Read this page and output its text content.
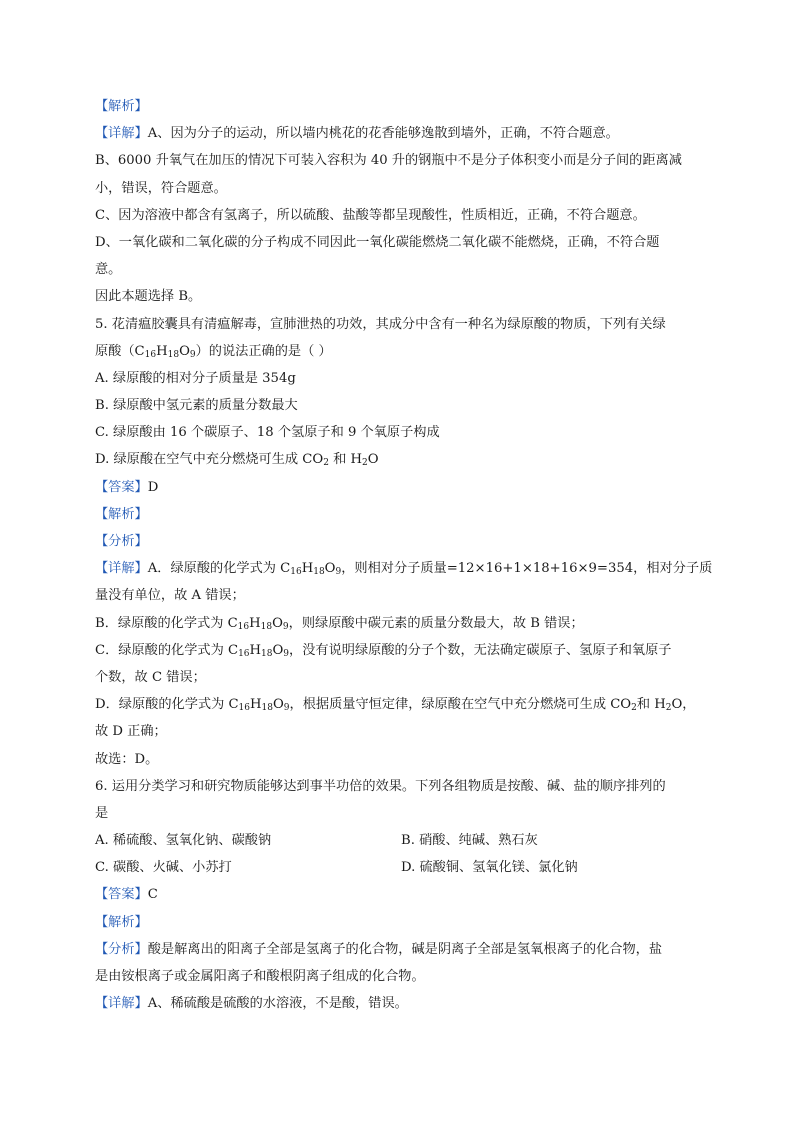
【解析】
【详解】A、因为分子的运动，所以墙内桃花的花香能够逸散到墙外，正确，不符合题意。
B、6000 升氧气在加压的情况下可装入容积为 40 升的钢瓶中不是分子体积变小而是分子间的距离减
小，错误，符合题意。
C、因为溶液中都含有氢离子，所以硫酸、盐酸等都呈现酸性，性质相近，正确，不符合题意。
D、一氧化碳和二氧化碳的分子构成不同因此一氧化碳能燃烧二氧化碳不能燃烧，正确，不符合题
意。
因此本题选择 B。
5. 花清瘟胶囊具有清瘟解毒，宣肺泄热的功效，其成分中含有一种名为绿原酸的物质，下列有关绿
原酸（C16H18O9）的说法正确的是（ ）
A. 绿原酸的相对分子质量是 354g
B. 绿原酸中氢元素的质量分数最大
C. 绿原酸由 16 个碳原子、18 个氢原子和 9 个氧原子构成
D. 绿原酸在空气中充分燃烧可生成 CO2 和 H2O
【答案】D
【解析】
【分析】
【详解】A．绿原酸的化学式为 C16H18O9，则相对分子质量=12×16+1×18+16×9=354，相对分子质
量没有单位，故 A 错误；
B．绿原酸的化学式为 C16H18O9，则绿原酸中碳元素的质量分数最大，故 B 错误；
C．绿原酸的化学式为 C16H18O9，没有说明绿原酸的分子个数，无法确定碳原子、氢原子和氧原子
个数，故 C 错误；
D．绿原酸的化学式为 C16H18O9，根据质量守恒定律，绿原酸在空气中充分燃烧可生成 CO2和 H2O，
故 D 正确；
故选：D。
6. 运用分类学习和研究物质能够达到事半功倍的效果。下列各组物质是按酸、碱、盐的顺序排列的
是
A. 稀硫酸、氢氧化钠、碳酸钠	B. 硝酸、纯碱、熟石灰
C. 碳酸、火碱、小苏打	D. 硫酸铜、氢氧化镁、氯化钠
【答案】C
【解析】
【分析】酸是解离出的阳离子全部是氢离子的化合物，碱是阴离子全部是氢氧根离子的化合物，盐
是由铵根离子或金属阳离子和酸根阴离子组成的化合物。
【详解】A、稀硫酸是硫酸的水溶液，不是酸，错误。
